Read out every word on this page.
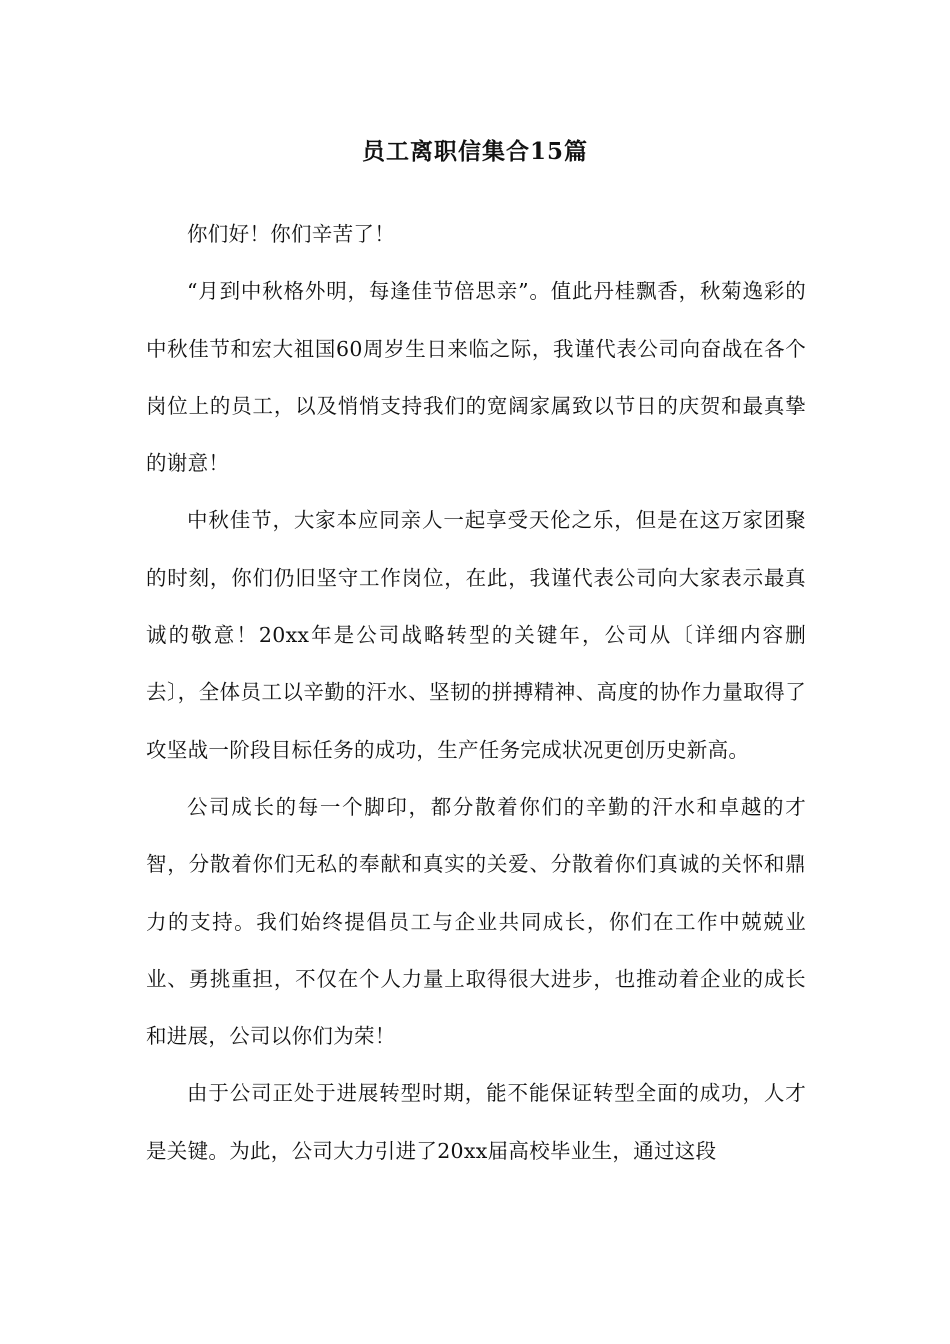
员工离职信集合15篇

你们好！你们辛苦了！

“月到中秋格外明，每逢佳节倍思亲”。值此丹桂飘香，秋菊逸彩的中秋佳节和宏大祖国60周岁生日来临之际，我谨代表公司向奋战在各个岗位上的员工，以及悄悄支持我们的宽阔家属致以节日的庆贺和最真挚的谢意！

中秋佳节，大家本应同亲人一起享受天伦之乐，但是在这万家团聚的时刻，你们仍旧坚守工作岗位，在此，我谨代表公司向大家表示最真诚的敬意！20xx年是公司战略转型的关键年，公司从〔详细内容删去〕，全体员工以辛勤的汗水、坚韧的拼搏精神、高度的协作力量取得了攻坚战一阶段目标任务的成功，生产任务完成状况更创历史新高。

公司成长的每一个脚印，都分散着你们的辛勤的汗水和卓越的才智，分散着你们无私的奉献和真实的关爱、分散着你们真诚的关怀和鼎力的支持。我们始终提倡员工与企业共同成长，你们在工作中兢兢业业、勇挑重担，不仅在个人力量上取得很大进步，也推动着企业的成长和进展，公司以你们为荣！

由于公司正处于进展转型时期，能不能保证转型全面的成功，人才是关键。为此，公司大力引进了20xx届高校毕业生，通过这段
